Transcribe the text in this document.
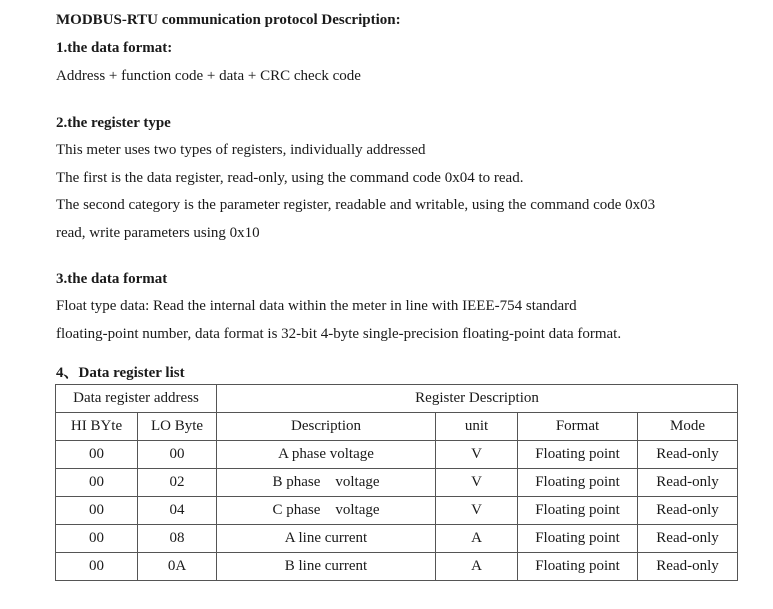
MODBUS-RTU communication protocol Description:
1.the data format:
Address + function code + data + CRC check code
2.the register type
This meter uses two types of registers, individually addressed
The first is the data register, read-only, using the command code 0x04 to read.
The second category is the parameter register, readable and writable, using the command code 0x03
read, write parameters using 0x10
3.the data format
Float type data: Read the internal data within the meter in line with IEEE-754 standard
floating-point number, data format is 32-bit 4-byte single-precision floating-point data format.
4、Data register list
Data register address		Register Description			
HI BYte	LO Byte	Description	unit	Format	Mode
00	00	A phase voltage	V	Floating point	Read-only
00	02	B phase    voltage	V	Floating point	Read-only
00	04	C phase    voltage	V	Floating point	Read-only
00	08	A line current	A	Floating point	Read-only
00	0A	B line current	A	Floating point	Read-only
